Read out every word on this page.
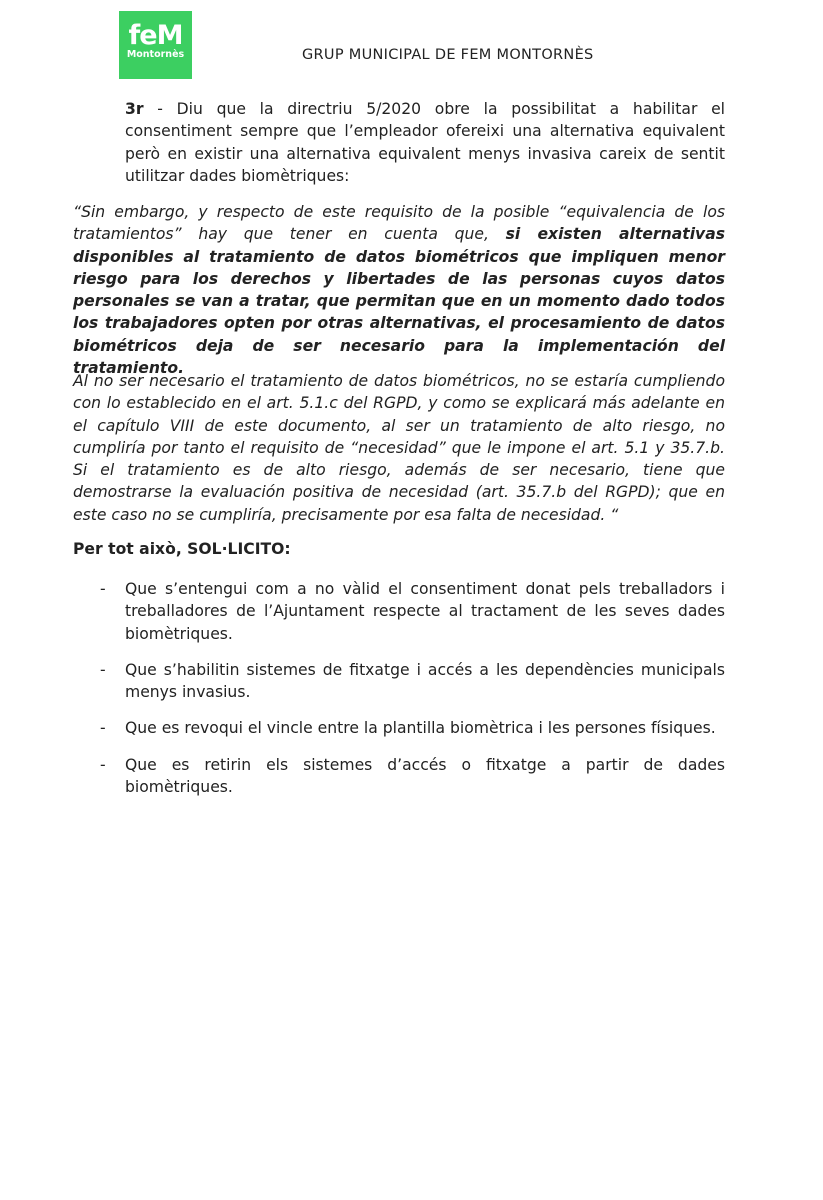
feM
Montornès	GRUP MUNICIPAL DE FEM MONTORNÈS

3r - Diu que la directriu 5/2020 obre la possibilitat a habilitar el consentiment sempre que l’empleador ofereixi una alternativa equivalent però en existir una alternativa equivalent menys invasiva careix de sentit utilitzar dades biomètriques:

“Sin embargo, y respecto de este requisito de la posible “equivalencia de los tratamientos” hay que tener en cuenta que, si existen alternativas disponibles al tratamiento de datos biométricos que impliquen menor riesgo para los derechos y libertades de las personas cuyos datos personales se van a tratar, que permitan que en un momento dado todos los trabajadores opten por otras alternativas, el procesamiento de datos biométricos deja de ser necesario para la implementación del tratamiento.

Al no ser necesario el tratamiento de datos biométricos, no se estaría cumpliendo con lo establecido en el art. 5.1.c del RGPD, y como se explicará más adelante en el capítulo VIII de este documento, al ser un tratamiento de alto riesgo, no cumpliría por tanto el requisito de “necesidad” que le impone el art. 5.1 y 35.7.b. Si el tratamiento es de alto riesgo, además de ser necesario, tiene que demostrarse la evaluación positiva de necesidad (art. 35.7.b del RGPD); que en este caso no se cumpliría, precisamente por esa falta de necesidad. “

Per tot això, SOL·LICITO:

- Que s’entengui com a no vàlid el consentiment donat pels treballadors i treballadores de l’Ajuntament respecte al tractament de les seves dades biomètriques.
- Que s’habilitin sistemes de fitxatge i accés a les dependències municipals menys invasius.
- Que es revoqui el vincle entre la plantilla biomètrica i les persones físiques.
- Que es retirin els sistemes d’accés o fitxatge a partir de dades biomètriques.
